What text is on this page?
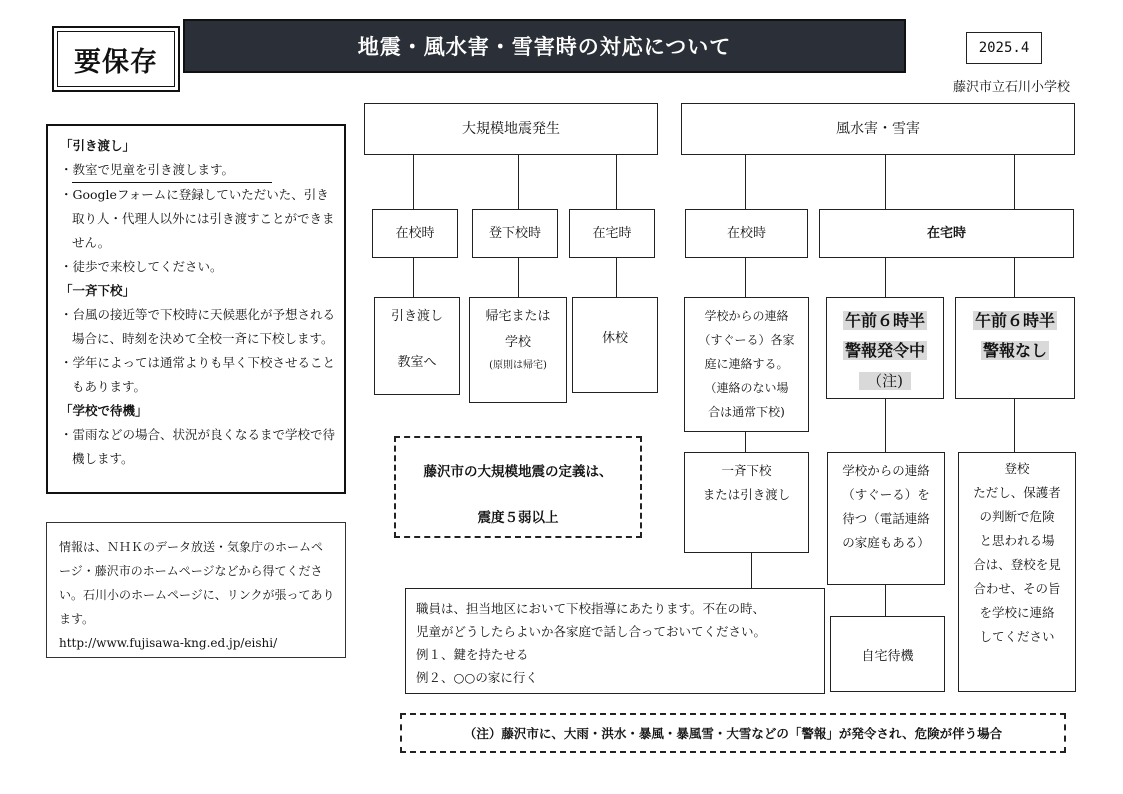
要保存	地震・風水害・雪害時の対応について	2025.4
藤沢市立石川小学校
「引き渡し」
・教室で児童を引き渡します。
・Googleフォームに登録していただいた、引き取り人・代理人以外には引き渡すことができません。
・徒歩で来校してください。
「一斉下校」
・台風の接近等で下校時に天候悪化が予想される場合に、時刻を決めて全校一斉に下校します。
・学年によっては通常よりも早く下校させることもあります。
「学校で待機」
・雷雨などの場合、状況が良くなるまで学校で待機します。
情報は、ＮＨＫのデータ放送・気象庁のホームページ・藤沢市のホームページなどから得てください。石川小のホームページに、リンクが張ってあります。
http://www.fujisawa-kng.ed.jp/eishi/
大規模地震発生
在校時	登下校時	在宅時
引き渡し
教室へ
帰宅または
学校
(原則は帰宅)
休校
風水害・雪害
在校時	在宅時
学校からの連絡
（すぐーる）各家
庭に連絡する。
（連絡のない場
合は通常下校)
午前６時半
警報発令中
（注)
午前６時半
警報なし
一斉下校
または引き渡し
学校からの連絡
（すぐーる）を
待つ（電話連絡
の家庭もある）
自宅待機
登校
ただし、保護者
の判断で危険
と思われる場
合は、登校を見
合わせ、その旨
を学校に連絡
してください
藤沢市の大規模地震の定義は、
震度５弱以上
職員は、担当地区において下校指導にあたります。不在の時、
児童がどうしたらよいか各家庭で話し合っておいてください。
例１、鍵を持たせる
例２、○○の家に行く
（注）藤沢市に、大雨・洪水・暴風・暴風雪・大雪などの「警報」が発令され、危険が伴う場合
